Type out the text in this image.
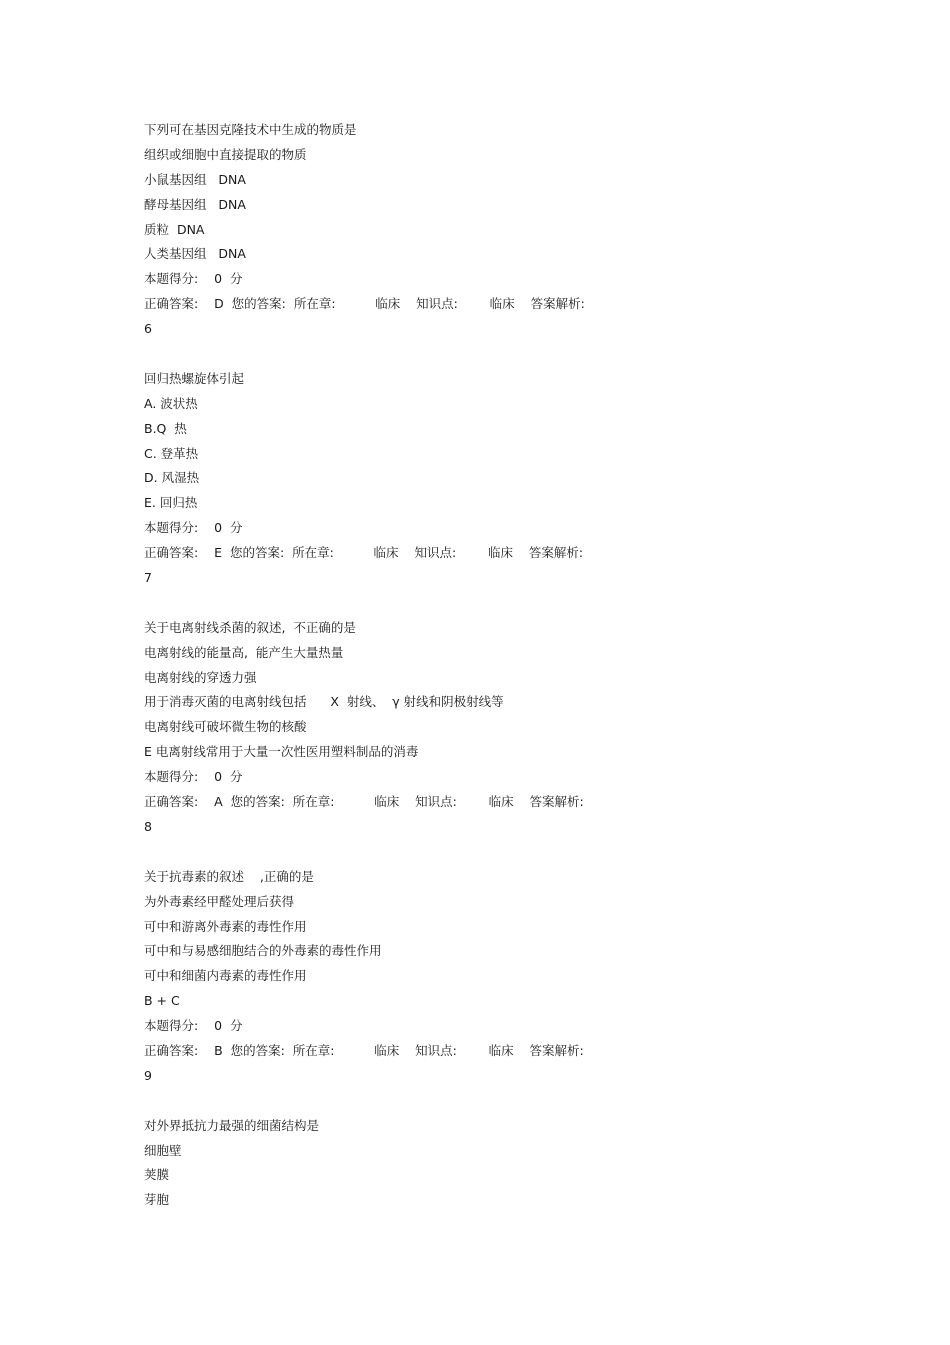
下列可在基因克隆技术中生成的物质是
组织或细胞中直接提取的物质
小鼠基因组   DNA
酵母基因组   DNA
质粒  DNA
人类基因组   DNA
本题得分:    0  分
正确答案:    D  您的答案:  所在章:          临床    知识点:        临床    答案解析:
6
回归热螺旋体引起
A. 波状热
B.Q  热
C. 登革热
D. 风湿热
E. 回归热
本题得分:    0  分
正确答案:    E  您的答案:  所在章:          临床    知识点:        临床    答案解析:
7
关于电离射线杀菌的叙述,  不正确的是
电离射线的能量高,  能产生大量热量
电离射线的穿透力强
用于消毒灭菌的电离射线包括      X  射线、  γ 射线和阴极射线等
电离射线可破坏微生物的核酸
E 电离射线常用于大量一次性医用塑料制品的消毒
本题得分:    0  分
正确答案:    A  您的答案:  所在章:          临床    知识点:        临床    答案解析:
8
关于抗毒素的叙述    ,正确的是
为外毒素经甲醛处理后获得
可中和游离外毒素的毒性作用
可中和与易感细胞结合的外毒素的毒性作用
可中和细菌内毒素的毒性作用
B + C
本题得分:    0  分
正确答案:    B  您的答案:  所在章:          临床    知识点:        临床    答案解析:
9
对外界抵抗力最强的细菌结构是
细胞壁
荚膜
芽胞
